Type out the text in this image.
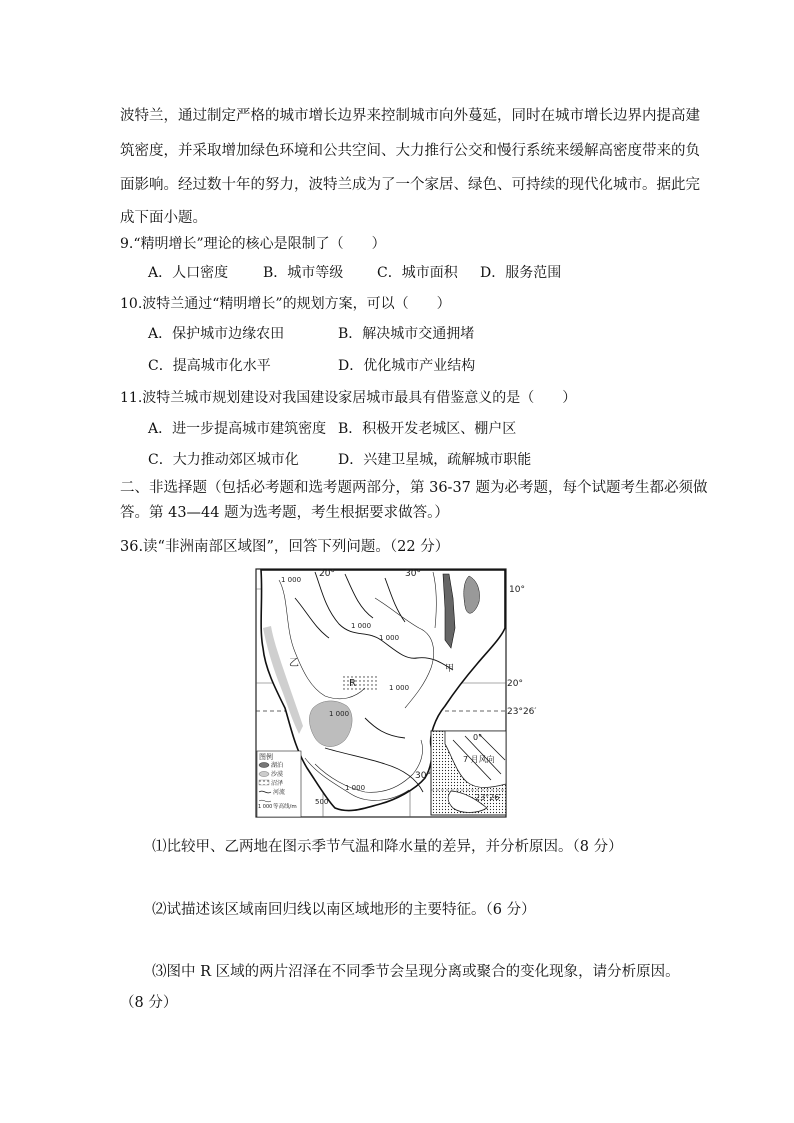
波特兰，通过制定严格的城市增长边界来控制城市向外蔓延，同时在城市增长边界内提高建
筑密度，并采取增加绿色环境和公共空间、大力推行公交和慢行系统来缓解高密度带来的负
面影响。经过数十年的努力，波特兰成为了一个家居、绿色、可持续的现代化城市。据此完
成下面小题。
9.“精明增长”理论的核心是限制了（　　）
A．人口密度 B．城市等级 C．城市面积 D．服务范围
10.波特兰通过“精明增长”的规划方案，可以（　　）
A．保护城市边缘农田	B．解决城市交通拥堵
C．提高城市化水平	D．优化城市产业结构
11.波特兰城市规划建设对我国建设家居城市最具有借鉴意义的是（　　）
A．进一步提高城市建筑密度 B．积极开发老城区、棚户区
C．大力推动郊区城市化	D．兴建卫星城，疏解城市职能
二、非选择题（包括必考题和选考题两部分，第 36-37 题为必考题，每个试题考生都必须做
答。第 43—44 题为选考题，考生根据要求做答。）
36.读“非洲南部区域图”，回答下列问题。（22 分）
20°	30°
10°
20°
23°26′
30°
1 000
1 000
1 000
1 000
1 000
1 000
500
乙
R
甲
图例
湖泊
沙漠
沼泽
河流
1 000 等高线/m
0°
7 月风向
23°26′
⑴比较甲、乙两地在图示季节气温和降水量的差异，并分析原因。（8 分）
⑵试描述该区域南回归线以南区域地形的主要特征。（6 分）
⑶图中 R 区域的两片沼泽在不同季节会呈现分离或聚合的变化现象，请分析原因。
（8 分）
